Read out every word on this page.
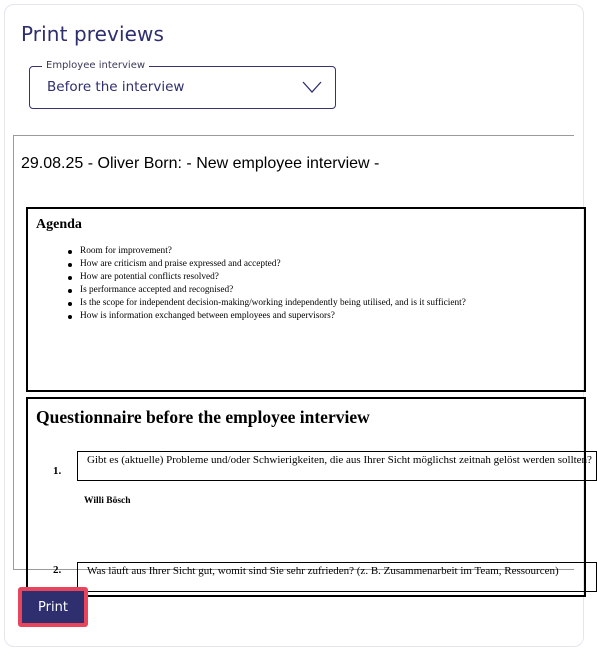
Print previews
Employee interview
Before the interview
29.08.25 - Oliver Born: - New employee interview -
Agenda
Room for improvement?
How are criticism and praise expressed and accepted?
How are potential conflicts resolved?
Is performance accepted and recognised?
Is the scope for independent decision-making/working independently being utilised, and is it sufficient?
How is information exchanged between employees and supervisors?
Questionnaire before the employee interview
1.
Gibt es (aktuelle) Probleme und/oder Schwierigkeiten, die aus Ihrer Sicht möglichst zeitnah gelöst werden sollten?
Willi Bösch
2. Was läuft aus Ihrer Sicht gut, womit sind Sie sehr zufrieden? (z. B. Zusammenarbeit im Team, Ressourcen)
Print
